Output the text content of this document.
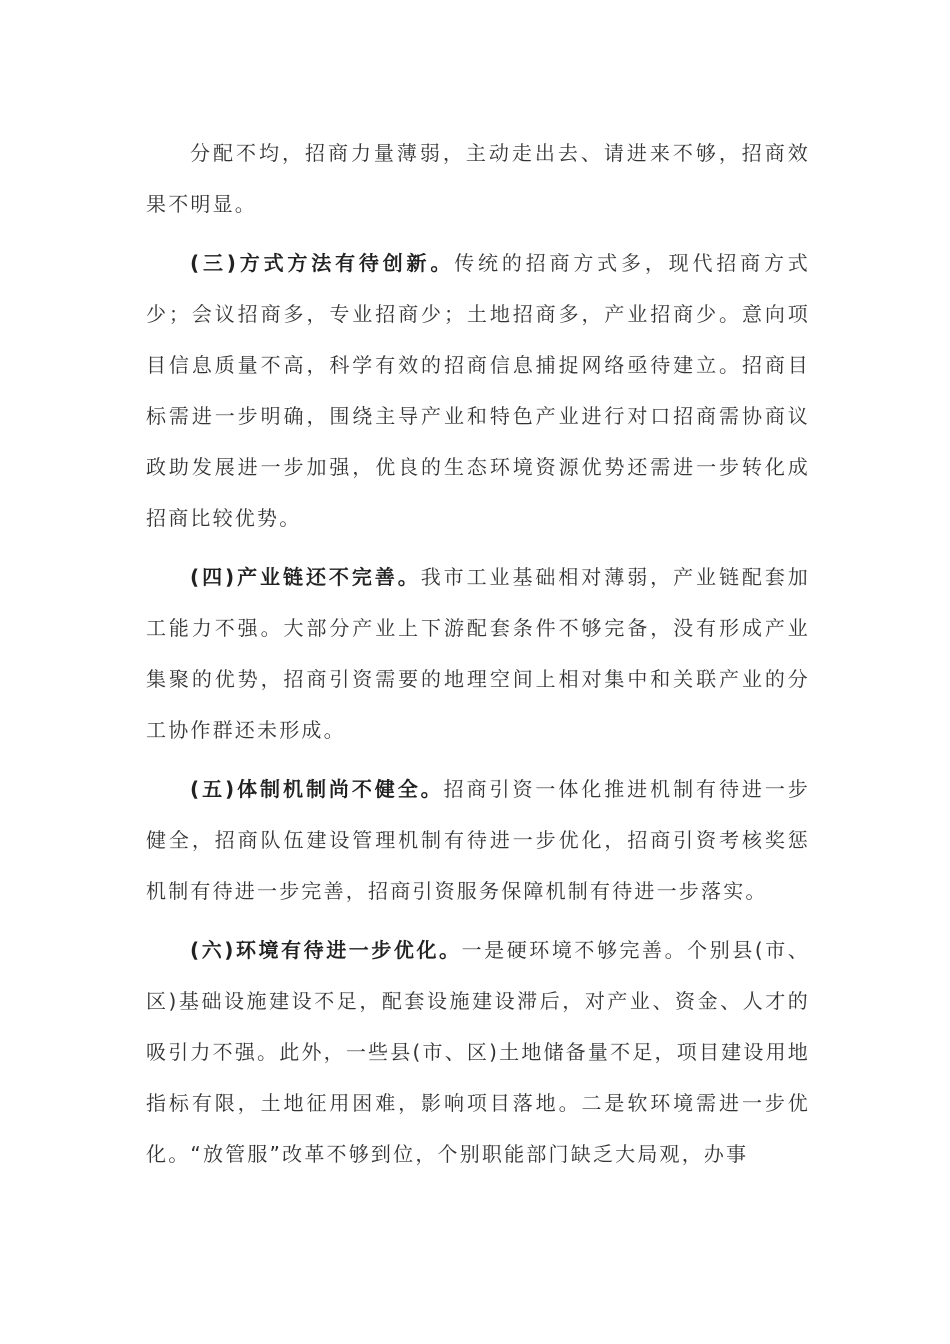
分配不均，招商力量薄弱，主动走出去、请进来不够，招商效果不明显。

(三)方式方法有待创新。传统的招商方式多，现代招商方式少；会议招商多，专业招商少；土地招商多，产业招商少。意向项目信息质量不高，科学有效的招商信息捕捉网络亟待建立。招商目标需进一步明确，围绕主导产业和特色产业进行对口招商需协商议政助发展进一步加强，优良的生态环境资源优势还需进一步转化成招商比较优势。

(四)产业链还不完善。我市工业基础相对薄弱，产业链配套加工能力不强。大部分产业上下游配套条件不够完备，没有形成产业集聚的优势，招商引资需要的地理空间上相对集中和关联产业的分工协作群还未形成。

(五)体制机制尚不健全。招商引资一体化推进机制有待进一步健全，招商队伍建设管理机制有待进一步优化，招商引资考核奖惩机制有待进一步完善，招商引资服务保障机制有待进一步落实。

(六)环境有待进一步优化。一是硬环境不够完善。个别县(市、区)基础设施建设不足，配套设施建设滞后，对产业、资金、人才的吸引力不强。此外，一些县(市、区)土地储备量不足，项目建设用地指标有限，土地征用困难，影响项目落地。二是软环境需进一步优化。“放管服”改革不够到位，个别职能部门缺乏大局观，办事
